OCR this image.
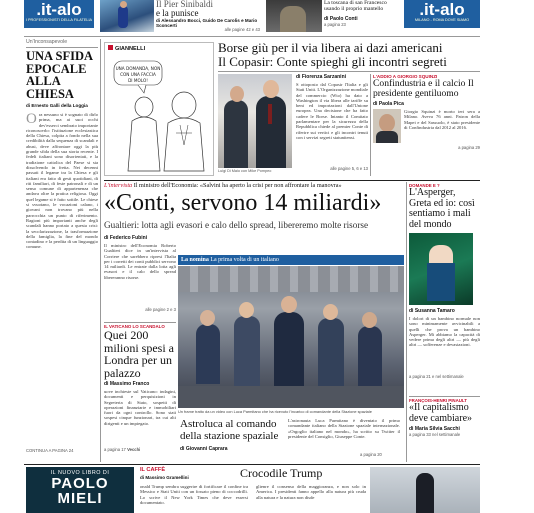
.it-alo
I PROFESSIONISTI DELLA FILATELIA
Il Pier Sinibaldi
e la punisce
di Alessandro Bocci, Guido De Carolis e Mario Sconcerti
alle pagine 42 e 43
La toscana di san Francesco
usando il proprio mantello
di Paolo Conti
a pagina 23
.it-alo
MILANO - ROMA DOVE SIAMO
Un'Inconsapevole
UNA SFIDA EPOCALE ALLA CHIESA
di Ernesto Galli della Loggia
Ora nessuno si è sognato di dirlo prima, ma ai suoi occhi dev'esserci sembrato importante riconoscerlo: l'istituzione ecclesiastica della Chiesa, colpita a fondo nella sua credibilità dalla sequenza di scandali e abusi, deve affrontare oggi la più grande sfida della sua storia recente. I fedeli italiani sono disorientati, e la tradizione cattolica del Paese si sta dissolvendo in fretta. Nei decenni passati il legame tra la Chiesa e gli italiani era fatto di gesti quotidiani, di riti familiari, di feste patronali e di un senso comune di appartenenza che andava oltre la pratica religiosa. Oggi quel legame si è fatto sottile. Le chiese si svuotano, le vocazioni calano, i giovani non trovano più nella parrocchia un punto di riferimento. Ragioni più importanti anche degli scandali hanno portato a questa crisi: la secolarizzazione, la trasformazione della famiglia, la fine del mondo contadino e la perdita di un linguaggio comune.
CONTINUA A PAGINA 24
GIANNELLI
UNA DOMANDA, NON
CON UNA FACCIA
DI MOLO!
Borse giù per il via libera ai dazi americani
Il Copasir: Conte spieghi gli incontri segreti
Luigi Di Maio con Mike Pompeo
di Fiorenza Sarzanini
S ottoposto dal Copasir l'Italia e gli Stati Uniti. L'Organizzazione mondiale del commercio (Wto) ha dato a Washington il via libera alle tariffe su beni ed importazioni dall'Unione europea. Una decisione che ha fatto cadere le Borse. Intanto il Comitato parlamentare per la sicurezza della Repubblica chiede al premier Conte di riferire sui vertici e gli incontri tenuti con i servizi segreti statunitensi.
alle pagine 5, 6 e 13
L'ADDIO A GIORGIO SQUINZI
Confindustria e il calcio Il presidente gentiluomo
di Paola Pica
Giorgio Squinzi è morto ieri sera a Milano. Aveva 76 anni. Patron della Mapei e del Sassuolo, è stato presidente di Confindustria dal 2012 al 2016.
a pagina 29
L'intervista Il ministro dell'Economia: «Salvini ha aperto la crisi per non affrontare la manovra»
«Conti, servono 14 miliardi»
Gualtieri: lotta agli evasori e calo dello spread, libereremo molte risorse
di Federico Fubini
Il ministro dell'Economia Roberto Gualtieri dice in un'intervista al Corriere che sarebbero ripresi l'Italia per i corretti dei conti pubblici servono 14 miliardi. Le entrate dalla lotta agli evasori e il calo dello spread libereranno risorse.
alle pagine 2 e 3
La nomina La prima volta di un italiano
Un frame tratto da un video con Luca Parmitano che ha ricevuto l'incarico di comandante della Stazione spaziale
Astroluca al comando della stazione spaziale
di Giovanni Caprara
L'astronauta Luca Parmitano è diventato il primo comandante italiano della Stazione spaziale internazionale. «Orgoglio italiano nel mondo», ha scritto su Twitter il presidente del Consiglio, Giuseppe Conte.
a pagina 20
IL VATICANO LO SCANDALO
Quei 200 milioni spesi a Londra per un palazzo
di Massimo Franco
uove inchieste sul Vaticano: indagini, documenti e perquisizioni in Segreteria di Stato, sospetti di operazioni finanziarie e immobiliari fuori da ogni controllo. Sono stati sospesi cinque funzionari, tra cui alti dirigenti e un impiegato.
a pagina 17 Vecchi
DOMANDE E ?
L'Asperger, Greta ed io: così sentiamo i mali del mondo
di Susanna Tamaro
I dolori di un bambino normale non sono minimamente avvicinabili a quelli che prova un bambino Asperger. Mi abbiamo la capacità di vedere prima degli altri — più degli altri — sofferenze e devastazioni.
a pagina 21 e nel settimanale
FRANÇOIS-HENRI PINAULT
«Il capitalismo deve cambiare»
di Maria Silvia Sacchi
a pagina 33 nel settimanale
IL NUOVO LIBRO DI
PAOLO
MIELI
IL CAFFÈ
di Massimo Gramellini	Crocodile Trump
onald Trump sembra suggerire di fortificare il confine tra Messico e Stati Uniti con un fossato pieno di coccodrilli. Lo scrive il New York Times che deve essersi documentato.
glienre il consenso della maggioranza, e non solo in America. I presidenti fanno appello alla natura più cruda alla natura e la natura non disde
